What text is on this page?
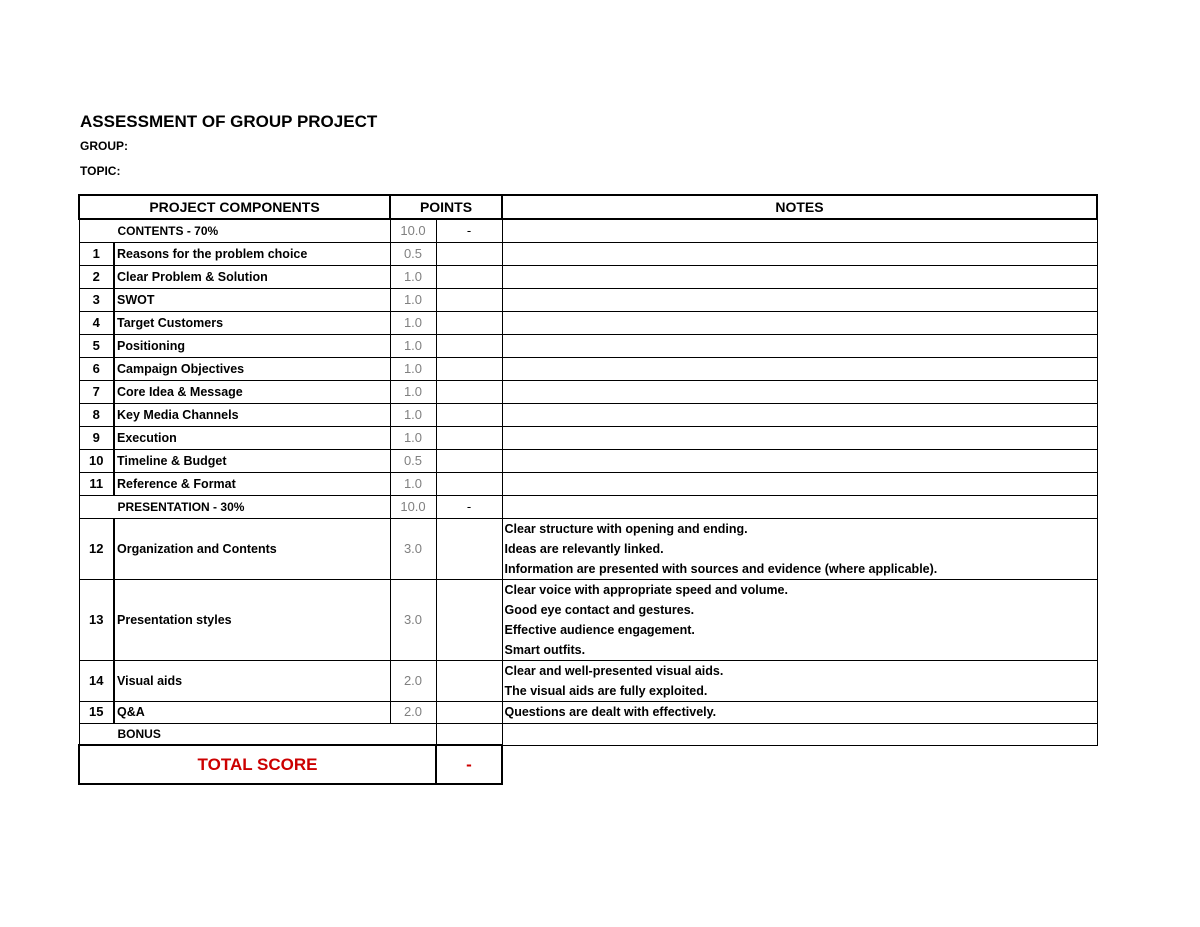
ASSESSMENT OF GROUP PROJECT
GROUP:
TOPIC:
PROJECT COMPONENTS		POINTS		NOTES
CONTENTS - 70%		10.0	-	
1	Reasons for the problem choice	0.5		
2	Clear Problem & Solution	1.0		
3	SWOT	1.0		
4	Target Customers	1.0		
5	Positioning	1.0		
6	Campaign Objectives	1.0		
7	Core Idea & Message	1.0		
8	Key Media Channels	1.0		
9	Execution	1.0		
10	Timeline & Budget	0.5		
11	Reference & Format	1.0		
PRESENTATION - 30%		10.0	-	
12	Organization and Contents	3.0		Clear structure with opening and ending.
Ideas are relevantly linked.
Information are presented with sources and evidence (where applicable).

13	Presentation styles	3.0		Clear voice with appropriate speed and volume.
Good eye contact and gestures.
Effective audience engagement.
Smart outfits.

14	Visual aids	2.0		Clear and well-presented visual aids.
The visual aids are fully exploited.

15	Q&A	2.0		Questions are dealt with effectively.

BONUS				
TOTAL SCORE			-	
